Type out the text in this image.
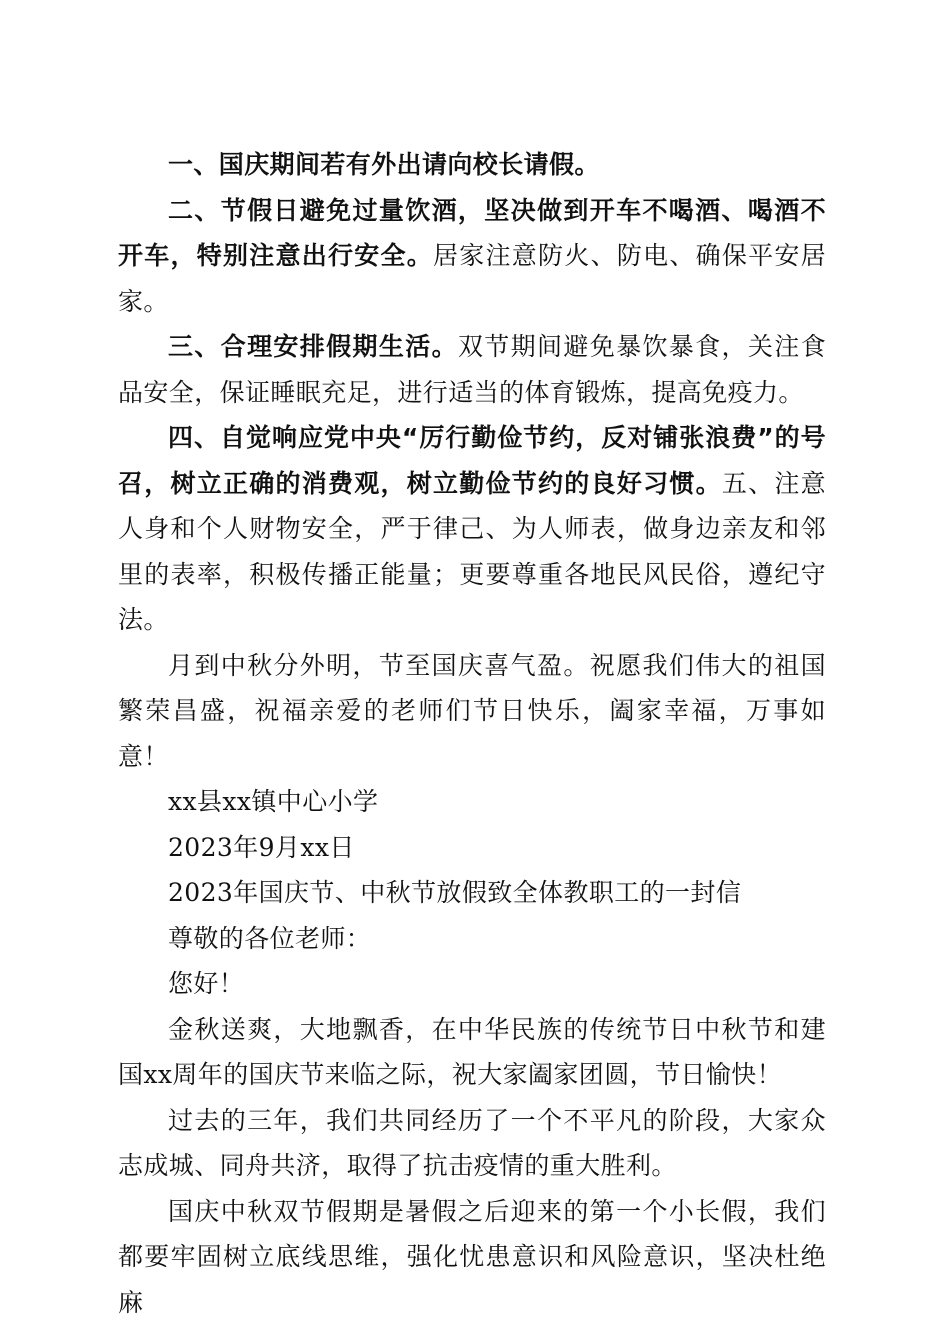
一、国庆期间若有外出请向校长请假。

二、节假日避免过量饮酒，坚决做到开车不喝酒、喝酒不开车，特别注意出行安全。居家注意防火、防电、确保平安居家。

三、合理安排假期生活。双节期间避免暴饮暴食，关注食品安全，保证睡眠充足，进行适当的体育锻炼，提高免疫力。

四、自觉响应党中央“厉行勤俭节约，反对铺张浪费”的号召，树立正确的消费观，树立勤俭节约的良好习惯。五、注意人身和个人财物安全，严于律己、为人师表，做身边亲友和邻里的表率，积极传播正能量；更要尊重各地民风民俗，遵纪守法。

月到中秋分外明，节至国庆喜气盈。祝愿我们伟大的祖国繁荣昌盛，祝福亲爱的老师们节日快乐，阖家幸福，万事如意！

xx县xx镇中心小学

2023年9月xx日

2023年国庆节、中秋节放假致全体教职工的一封信

尊敬的各位老师：

您好！

金秋送爽，大地飘香，在中华民族的传统节日中秋节和建国xx周年的国庆节来临之际，祝大家阖家团圆，节日愉快！

过去的三年，我们共同经历了一个不平凡的阶段，大家众志成城、同舟共济，取得了抗击疫情的重大胜利。

国庆中秋双节假期是暑假之后迎来的第一个小长假，我们都要牢固树立底线思维，强化忧患意识和风险意识，坚决杜绝麻
